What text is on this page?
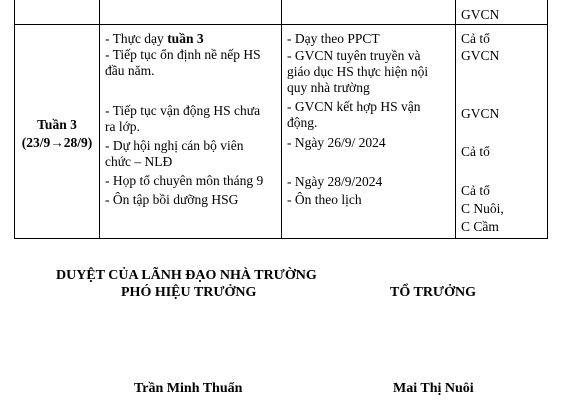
GVCN
Tuần 3
(23/9→28/9)
- Thực dạy tuần 3
- Tiếp tục ổn định nề nếp HS
đầu năm.
- Tiếp tục vận động HS chưa
ra lớp.
- Dự hội nghị cán bộ viên
chức – NLĐ
- Họp tổ chuyên môn tháng 9
- Ôn tập bồi dưỡng HSG
- Dạy theo PPCT
- GVCN tuyên truyền và
giáo dục HS thực hiện nội
quy nhà trường
- GVCN kết hợp HS vận
động.
- Ngày 26/9/ 2024
- Ngày 28/9/2024
- Ôn theo lịch
Cả tổ
GVCN
GVCN
Cả tổ
Cả tổ
C Nuôi,
C Cầm
DUYỆT CỦA LÃNH ĐẠO NHÀ TRƯỜNG
PHÓ HIỆU TRƯỞNG	TỔ TRƯỞNG
Trần Minh Thuẩn	Mai Thị Nuôi
